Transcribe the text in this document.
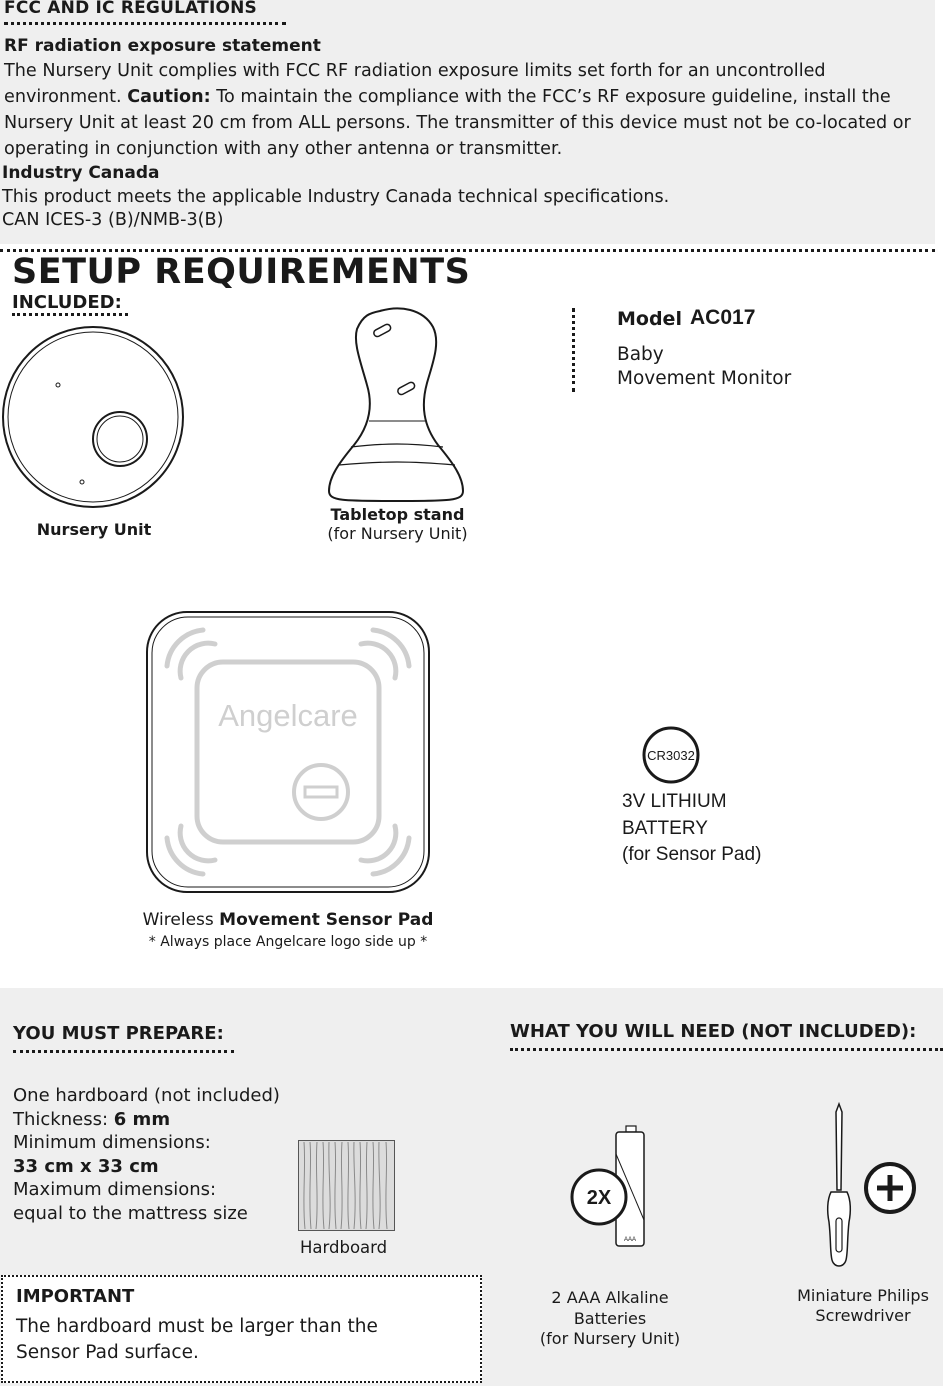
FCC AND IC REGULATIONS
RF radiation exposure statement
The Nursery Unit complies with FCC RF radiation exposure limits set forth for an uncontrolled environment. Caution: To maintain the compliance with the FCC’s RF exposure guideline, install the Nursery Unit at least 20 cm from ALL persons. The transmitter of this device must not be co-located or operating in conjunction with any other antenna or transmitter.
Industry Canada
This product meets the applicable Industry Canada technical specifications.
CAN ICES-3 (B)/NMB-3(B)
SETUP REQUIREMENTS
INCLUDED:
Nursery Unit
Tabletop stand
(for Nursery Unit)
Model AC017
Baby
Movement Monitor
Angelcare
Wireless Movement Sensor Pad
* Always place Angelcare logo side up *
CR3032
3V LITHIUM
BATTERY
(for Sensor Pad)
YOU MUST PREPARE:
One hardboard (not included)
Thickness: 6 mm
Minimum dimensions:
33 cm x 33 cm
Maximum dimensions:
equal to the mattress size
Hardboard
IMPORTANT
The hardboard must be larger than the
Sensor Pad surface.
WHAT YOU WILL NEED (NOT INCLUDED):
AAA
2X
2 AAA Alkaline
Batteries
(for Nursery Unit)
Miniature Philips
Screwdriver
